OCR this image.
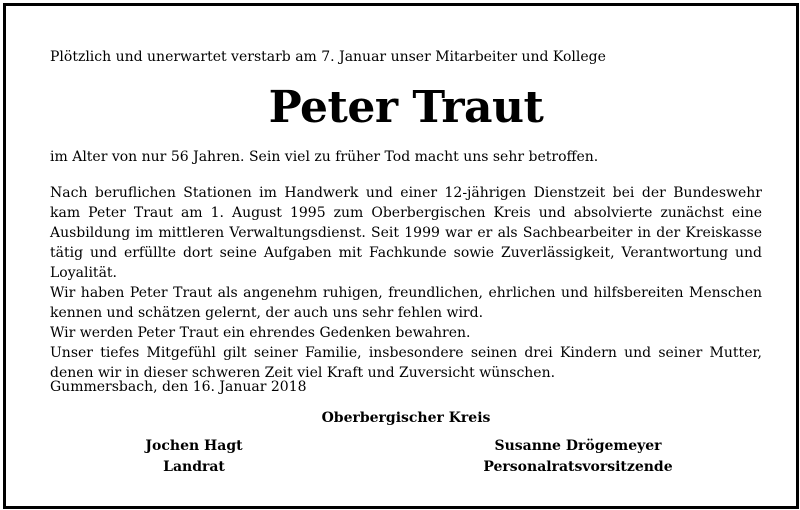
Plötzlich und unerwartet verstarb am 7. Januar unser Mitarbeiter und Kollege

Peter Traut

im Alter von nur 56 Jahren. Sein viel zu früher Tod macht uns sehr betroffen.

Nach beruflichen Stationen im Handwerk und einer 12-jährigen Dienstzeit bei der Bundeswehr kam Peter Traut am 1. August 1995 zum Oberbergischen Kreis und absolvierte zunächst eine Ausbildung im mittleren Verwaltungsdienst. Seit 1999 war er als Sachbearbeiter in der Kreiskasse tätig und erfüllte dort seine Aufgaben mit Fachkunde sowie Zuverlässigkeit, Verantwortung und Loyalität.

Wir haben Peter Traut als angenehm ruhigen, freundlichen, ehrlichen und hilfsbereiten Menschen kennen und schätzen gelernt, der auch uns sehr fehlen wird.

Wir werden Peter Traut ein ehrendes Gedenken bewahren.

Unser tiefes Mitgefühl gilt seiner Familie, insbesondere seinen drei Kindern und seiner Mutter, denen wir in dieser schweren Zeit viel Kraft und Zuversicht wünschen.

Gummersbach, den 16. Januar 2018

Oberbergischer Kreis
Jochen Hagt
Landrat
Susanne Drögemeyer
Personalratsvorsitzende
